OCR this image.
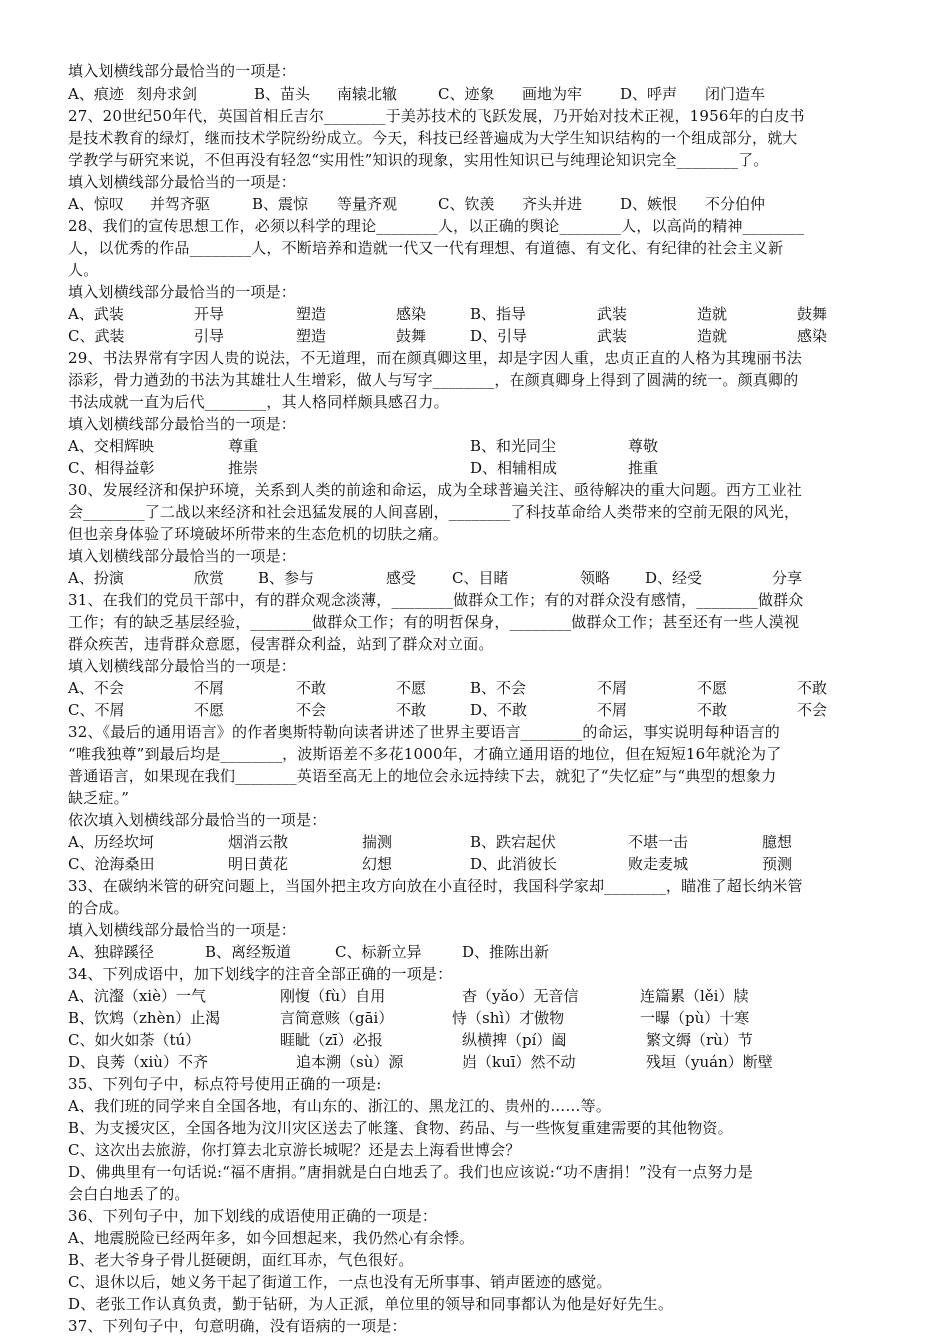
填入划横线部分最恰当的一项是：
A、痕迹 刻舟求剑	B、苗头 南辕北辙	C、迹象 画地为牢	D、呼声 闭门造车
27、20世纪50年代，英国首相丘吉尔________于美苏技术的飞跃发展，乃开始对技术正视，1956年的白皮书
是技术教育的绿灯，继而技术学院纷纷成立。今天，科技已经普遍成为大学生知识结构的一个组成部分，就大
学教学与研究来说，不但再没有轻忽“实用性”知识的现象，实用性知识已与纯理论知识完全________了。
填入划横线部分最恰当的一项是：
A、惊叹 并驾齐驱	B、震惊 等量齐观	C、钦羡 齐头并进	D、嫉恨 不分伯仲
28、我们的宣传思想工作，必须以科学的理论________人，以正确的舆论________人，以高尚的精神________
人，以优秀的作品________人，不断培养和造就一代又一代有理想、有道德、有文化、有纪律的社会主义新
人。
填入划横线部分最恰当的一项是：
A、武装	开导	塑造	感染	B、指导	武装	造就	鼓舞
C、武装	引导	塑造	鼓舞	D、引导	武装	造就	感染
29、书法界常有字因人贵的说法，不无道理，而在颜真卿这里，却是字因人重，忠贞正直的人格为其瑰丽书法
添彩，骨力遒劲的书法为其雄壮人生增彩，做人与写字________，在颜真卿身上得到了圆满的统一。颜真卿的
书法成就一直为后代________，其人格同样颇具感召力。
填入划横线部分最恰当的一项是：
A、交相辉映	尊重	B、和光同尘	尊敬
C、相得益彰	推崇	D、相辅相成	推重
30、发展经济和保护环境，关系到人类的前途和命运，成为全球普遍关注、亟待解决的重大问题。西方工业社
会________了二战以来经济和社会迅猛发展的人间喜剧，________了科技革命给人类带来的空前无限的风光，
但也亲身体验了环境破坏所带来的生态危机的切肤之痛。
填入划横线部分最恰当的一项是：
A、扮演	欣赏 B、参与	感受 C、目睹	领略 D、经受	分享
31、在我们的党员干部中，有的群众观念淡薄，________做群众工作；有的对群众没有感情，________做群众
工作；有的缺乏基层经验，________做群众工作；有的明哲保身，________做群众工作；甚至还有一些人漠视
群众疾苦，违背群众意愿，侵害群众利益，站到了群众对立面。
填入划横线部分最恰当的一项是：
A、不会	不屑	不敢	不愿	B、不会	不屑	不愿	不敢
C、不屑	不愿	不会	不敢	D、不敢	不屑	不敢	不会
32、《最后的通用语言》的作者奥斯特勒向读者讲述了世界主要语言________的命运，事实说明每种语言的
“唯我独尊”到最后均是________，波斯语差不多花1000年，才确立通用语的地位，但在短短16年就沦为了
普通语言，如果现在我们________英语至高无上的地位会永远持续下去，就犯了“失忆症”与“典型的想象力
缺乏症。”
依次填入划横线部分最恰当的一项是：
A、历经坎坷	烟消云散	揣测	B、跌宕起伏	不堪一击	臆想
C、沧海桑田	明日黄花	幻想	D、此消彼长	败走麦城	预测
33、在碳纳米管的研究问题上，当国外把主攻方向放在小直径时，我国科学家却________，瞄准了超长纳米管
的合成。
填入划横线部分最恰当的一项是：
A、独辟蹊径	B、离经叛道	C、标新立异	D、推陈出新
34、下列成语中，加下划线字的注音全部正确的一项是：
A、沆瀣（xiè）一气	刚愎（fù）自用	杳（yǎo）无音信	连篇累（lěi）牍
B、饮鸩（zhèn）止渴	言简意赅（gāi）	恃（shì）才傲物	一曝（pù）十寒
C、如火如荼（tú）	睚眦（zī）必报	纵横捭（pí）阖	繁文缛（rù）节
D、良莠（xiù）不齐	追本溯（sù）源	岿（kuī）然不动	残垣（yuán）断壁
35、下列句子中，标点符号使用正确的一项是:
A、我们班的同学来自全国各地，有山东的、浙江的、黑龙江的、贵州的……等。
B、为支援灾区，全国各地为汶川灾区送去了帐篷、食物、药品、与一些恢复重建需要的其他物资。
C、这次出去旅游，你打算去北京游长城呢？还是去上海看世博会？
D、佛典里有一句话说:“福不唐捐。”唐捐就是白白地丢了。我们也应该说:“功不唐捐！”没有一点努力是
会白白地丢了的。
36、下列句子中，加下划线的成语使用正确的一项是：
A、地震脱险已经两年多，如今回想起来，我仍然心有余悸。
B、老大爷身子骨儿挺硬朗，面红耳赤，气色很好。
C、退休以后，她义务干起了街道工作，一点也没有无所事事、销声匿迹的感觉。
D、老张工作认真负责，勤于钻研，为人正派，单位里的领导和同事都认为他是好好先生。
37、下列句子中，句意明确，没有语病的一项是：
